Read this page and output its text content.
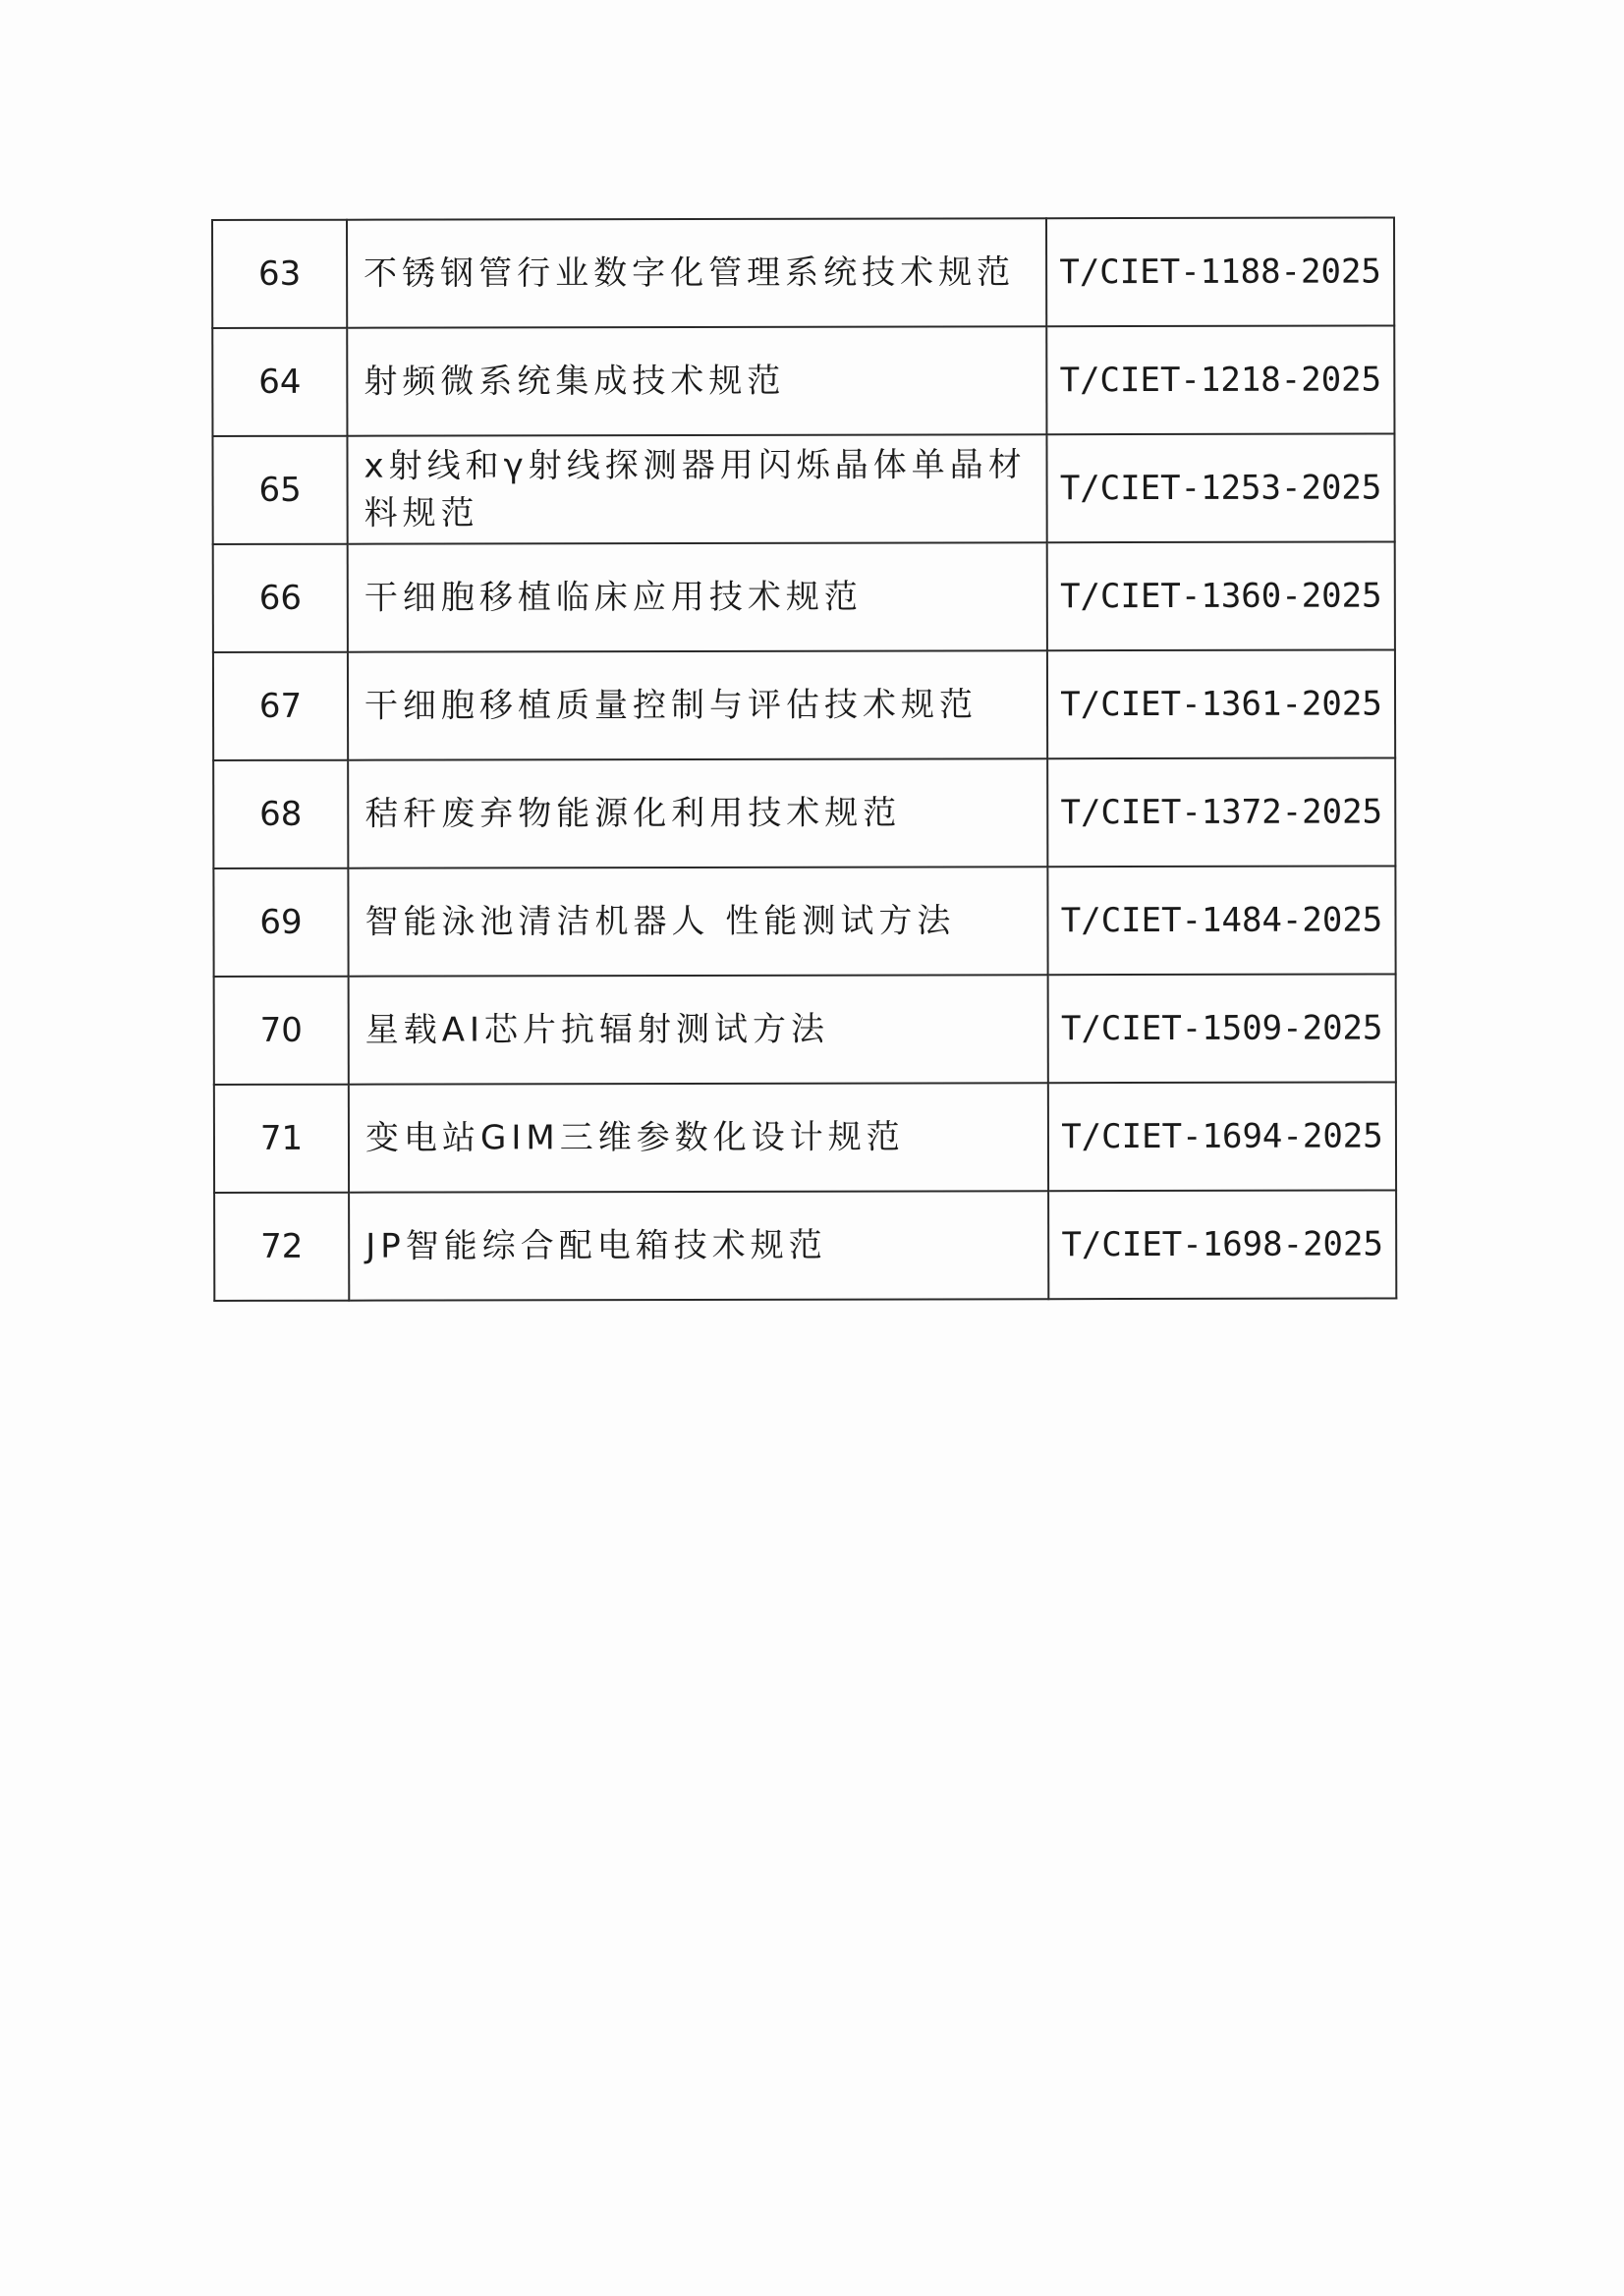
63	不锈钢管行业数字化管理系统技术规范	T/CIET-1188-2025
64	射频微系统集成技术规范	T/CIET-1218-2025
65	x射线和γ射线探测器用闪烁晶体单晶材料规范	T/CIET-1253-2025
66	干细胞移植临床应用技术规范	T/CIET-1360-2025
67	干细胞移植质量控制与评估技术规范	T/CIET-1361-2025
68	秸秆废弃物能源化利用技术规范	T/CIET-1372-2025
69	智能泳池清洁机器人 性能测试方法	T/CIET-1484-2025
70	星载AI芯片抗辐射测试方法	T/CIET-1509-2025
71	变电站GIM三维参数化设计规范	T/CIET-1694-2025
72	JP智能综合配电箱技术规范	T/CIET-1698-2025
